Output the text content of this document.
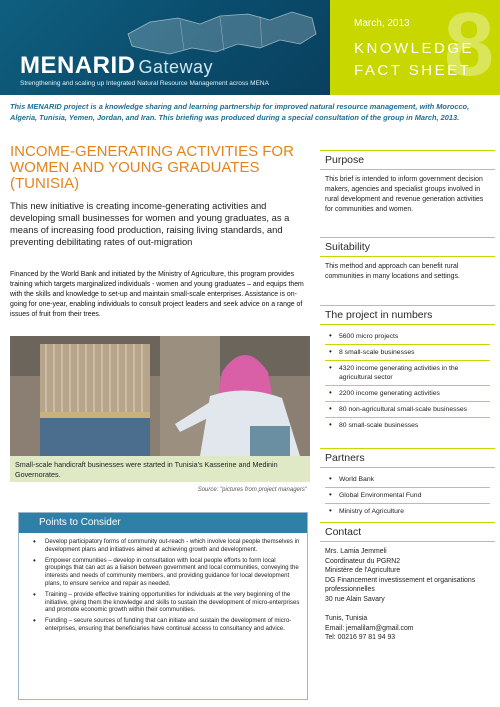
MENARID Gateway
Strengthening and scaling up Integrated Natural Resource Management across MENA 8
March, 2013
KNOWLEDGE
FACT SHEET
This MENARID project is a knowledge sharing and learning partnership for improved natural resource management, with Morocco, Algeria, Tunisia, Yemen, Jordan, and Iran. This briefing was produced during a special consultation of the group in March, 2013.
INCOME-GENERATING ACTIVITIES FOR WOMEN AND YOUNG GRADUATES (TUNISIA)
This new initiative is creating income-generating activities and developing small businesses for women and young graduates, as a means of increasing food production, raising living standards, and preventing debilitating rates of out-migration
Financed by the World Bank and initiated by the Ministry of Agriculture, this program provides training which targets marginalized individuals - women and young graduates – and equips them with the skills and knowledge to set-up and maintain small-scale enterprises. Assistance is on-going for one-year, enabling individuals to consult project leaders and seek advice on a range of issues of fruit from their trees.
Small-scale handicraft businesses were started in Tunisia's Kasserine and Medinin Governorates.
Source: "pictures from project managers"
Points to Consider
• Develop participatory forms of community out-reach - which involve local people themselves in development plans and initiatives aimed at achieving growth and development.
• Empower communities – develop in consultation with local people efforts to form local groupings that can act as a liaison between government and local communities, conveying the interests and needs of community members, and providing guidance for local development plans, to ensure service and repair as needed.
• Training – provide effective training opportunities for individuals at the very beginning of the initiative, giving them the knowledge and skills to sustain the development of micro-enterprises and promote economic growth within their communities.
• Funding – secure sources of funding that can initiate and sustain the development of micro-enterprises, ensuring that beneficiaries have continual access to consultancy and advice.
Purpose
This brief is intended to inform government decision makers, agencies and specialist groups involved in rural development and revenue generation activities for communities and women.
Suitability
This method and approach can benefit rural communities in many locations and settings.
The project in numbers
• 5600 micro projects
• 8 small-scale businesses
• 4320 income generating activities in the agricultural sector
• 2200 income generating activities
• 80 non-agricultural small-scale businesses
• 80 small-scale businesses
Partners
• World Bank
• Global Environmental Fund
• Ministry of Agriculture
Contact
Mrs. Lamia Jemmeli
Coordinateur du PGRN2
Ministère de l'Agriculture
DG Financement investissement et organisations professionnelles
30 rue Alain Savary
Tunis, Tunisia
Email: jemalilam@gmail.com
Tel: 00216 97 81 94 93
